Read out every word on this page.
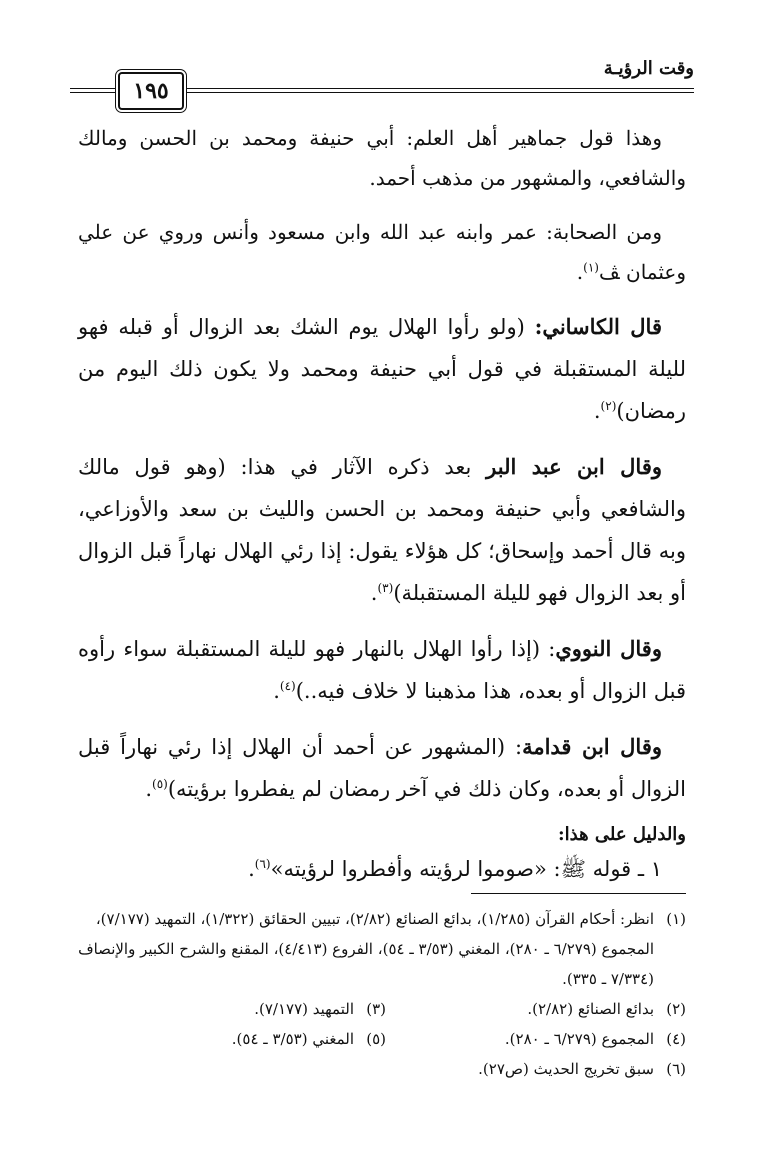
وقت الرؤيـة
١٩٥

وهذا قول جماهير أهل العلم: أبي حنيفة ومحمد بن الحسن ومالك والشافعي، والمشهور من مذهب أحمد.

ومن الصحابة: عمر وابنه عبد الله وابن مسعود وأنس وروي عن علي وعثمان ﭫ$^{(١)}$.

قال الكاساني: (ولو رأوا الهلال يوم الشك بعد الزوال أو قبله فهو لليلة المستقبلة في قول أبي حنيفة ومحمد ولا يكون ذلك اليوم من رمضان)$^{(٢)}$.

وقال ابن عبد البر بعد ذكره الآثار في هذا: (وهو قول مالك والشافعي وأبي حنيفة ومحمد بن الحسن والليث بن سعد والأوزاعي، وبه قال أحمد وإسحاق؛ كل هؤلاء يقول: إذا رئي الهلال نهاراً قبل الزوال أو بعد الزوال فهو لليلة المستقبلة)$^{(٣)}$.

وقال النووي: (إذا رأوا الهلال بالنهار فهو لليلة المستقبلة سواء رأوه قبل الزوال أو بعده، هذا مذهبنا لا خلاف فيه..)$^{(٤)}$.

وقال ابن قدامة: (المشهور عن أحمد أن الهلال إذا رئي نهاراً قبل الزوال أو بعده، وكان ذلك في آخر رمضان لم يفطروا برؤيته)$^{(٥)}$.

والدليل على هذا:

١ ـ قوله ﷺ: «صوموا لرؤيته وأفطروا لرؤيته»$^{(٦)}$.

(١)
انظر: أحكام القرآن (١/٢٨٥)، بدائع الصنائع (٢/٨٢)، تبيين الحقائق (١/٣٢٢)، التمهيد (٧/١٧٧)، المجموع (٦/٢٧٩ ـ ٢٨٠)، المغني (٣/٥٣ ـ ٥٤)، الفروع (٤/٤١٣)، المقنع والشرح الكبير والإنصاف (٧/٣٣٤ ـ ٣٣٥).
(٢)
بدائع الصنائع (٢/٨٢).
(٣)
التمهيد (٧/١٧٧).
(٤)
المجموع (٦/٢٧٩ ـ ٢٨٠).
(٥)
المغني (٣/٥٣ ـ ٥٤).
(٦)
سبق تخريج الحديث (ص٢٧).
